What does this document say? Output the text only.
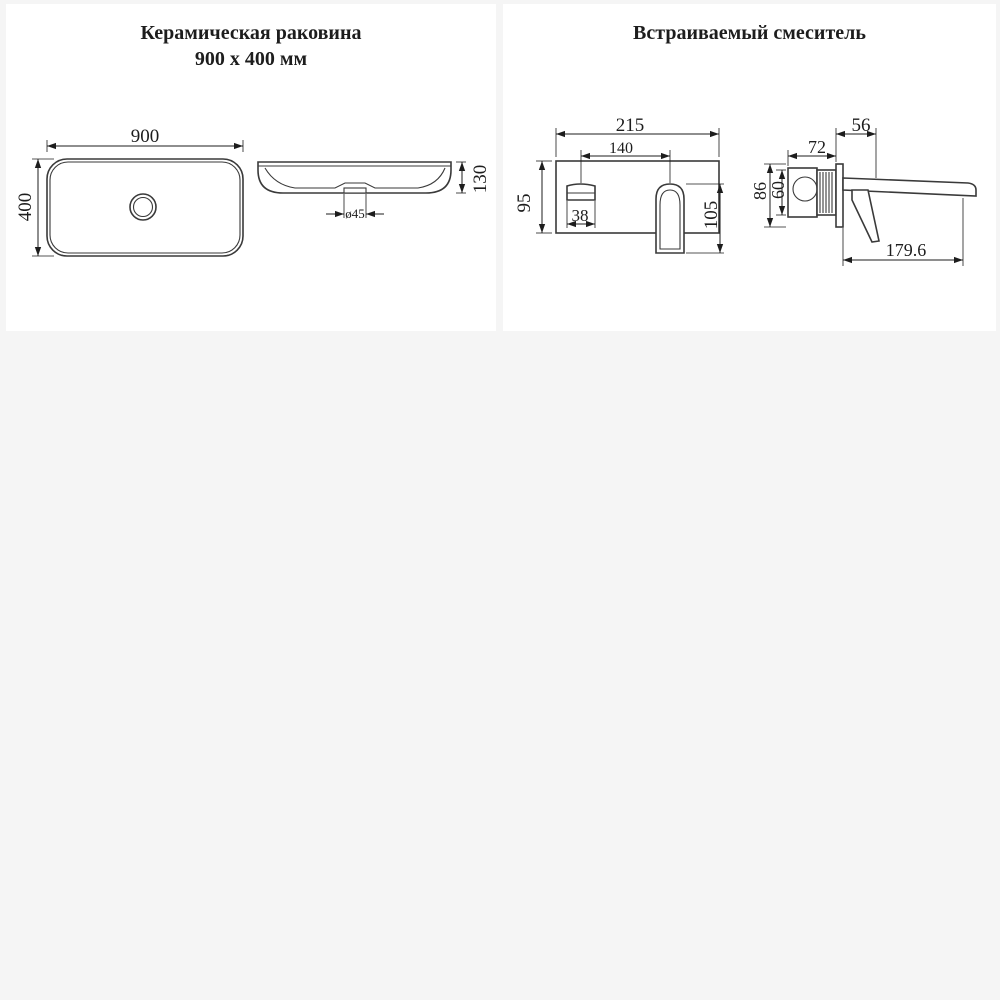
Керамическая раковина
900 х 400 мм
Встраиваемый смеситель
900
400
130
ø45
215
140
95
38	105
56
72
86
60
179.6
